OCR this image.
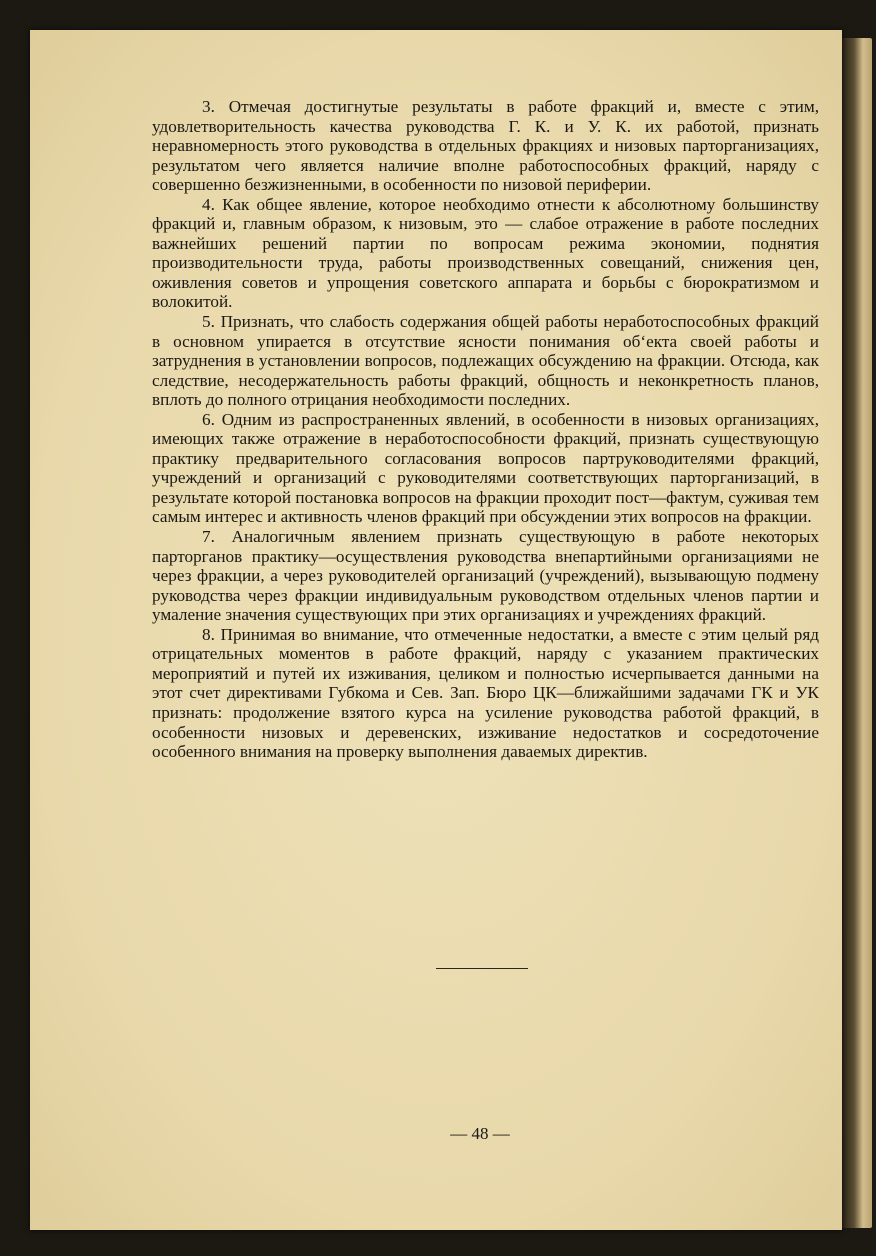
3. Отмечая достигнутые результаты в работе фракций и, вместе с этим, удовлетворительность качества руководства Г. К. и У. К. их работой, признать неравномерность этого руководства в отдельных фракциях и низовых парторганизациях, результатом чего является наличие вполне работоспособных фракций, наряду с совершенно безжизненными, в особенности по низовой периферии.

4. Как общее явление, которое необходимо отнести к абсолютному большинству фракций и, главным образом, к низовым, это — слабое отражение в работе последних важнейших решений партии по вопросам режима экономии, поднятия производительности труда, работы производственных совещаний, снижения цен, оживления советов и упрощения советского аппарата и борьбы с бюрократизмом и волокитой.

5. Признать, что слабость содержания общей работы неработоспособных фракций в основном упирается в отсутствие ясности понимания об‘екта своей работы и затруднения в установлении вопросов, подлежащих обсуждению на фракции. Отсюда, как следствие, несодержательность работы фракций, общность и неконкретность планов, вплоть до полного отрицания необходимости последних.

6. Одним из распространенных явлений, в особенности в низовых организациях, имеющих также отражение в неработоспособности фракций, признать существующую практику предварительного согласования вопросов партруководителями фракций, учреждений и организаций с руководителями соответствующих парторганизаций, в результате которой постановка вопросов на фракции проходит пост—фактум, суживая тем самым интерес и активность членов фракций при обсуждении этих вопросов на фракции.

7. Аналогичным явлением признать существующую в работе некоторых парторганов практику—осуществления руководства внепартийными организациями не через фракции, а через руководителей организаций (учреждений), вызывающую подмену руководства через фракции индивидуальным руководством отдельных членов партии и умаление значения существующих при этих организациях и учреждениях фракций.

8. Принимая во внимание, что отмеченные недостатки, а вместе с этим целый ряд отрицательных моментов в работе фракций, наряду с указанием практических мероприятий и путей их изживания, целиком и полностью исчерпывается данными на этот счет директивами Губкома и Сев. Зап. Бюро ЦК—ближайшими задачами ГК и УК признать: продолжение взятого курса на усиление руководства работой фракций, в особенности низовых и деревенских, изживание недостатков и сосредоточение особенного внимания на проверку выполнения даваемых директив.

— 48 —
